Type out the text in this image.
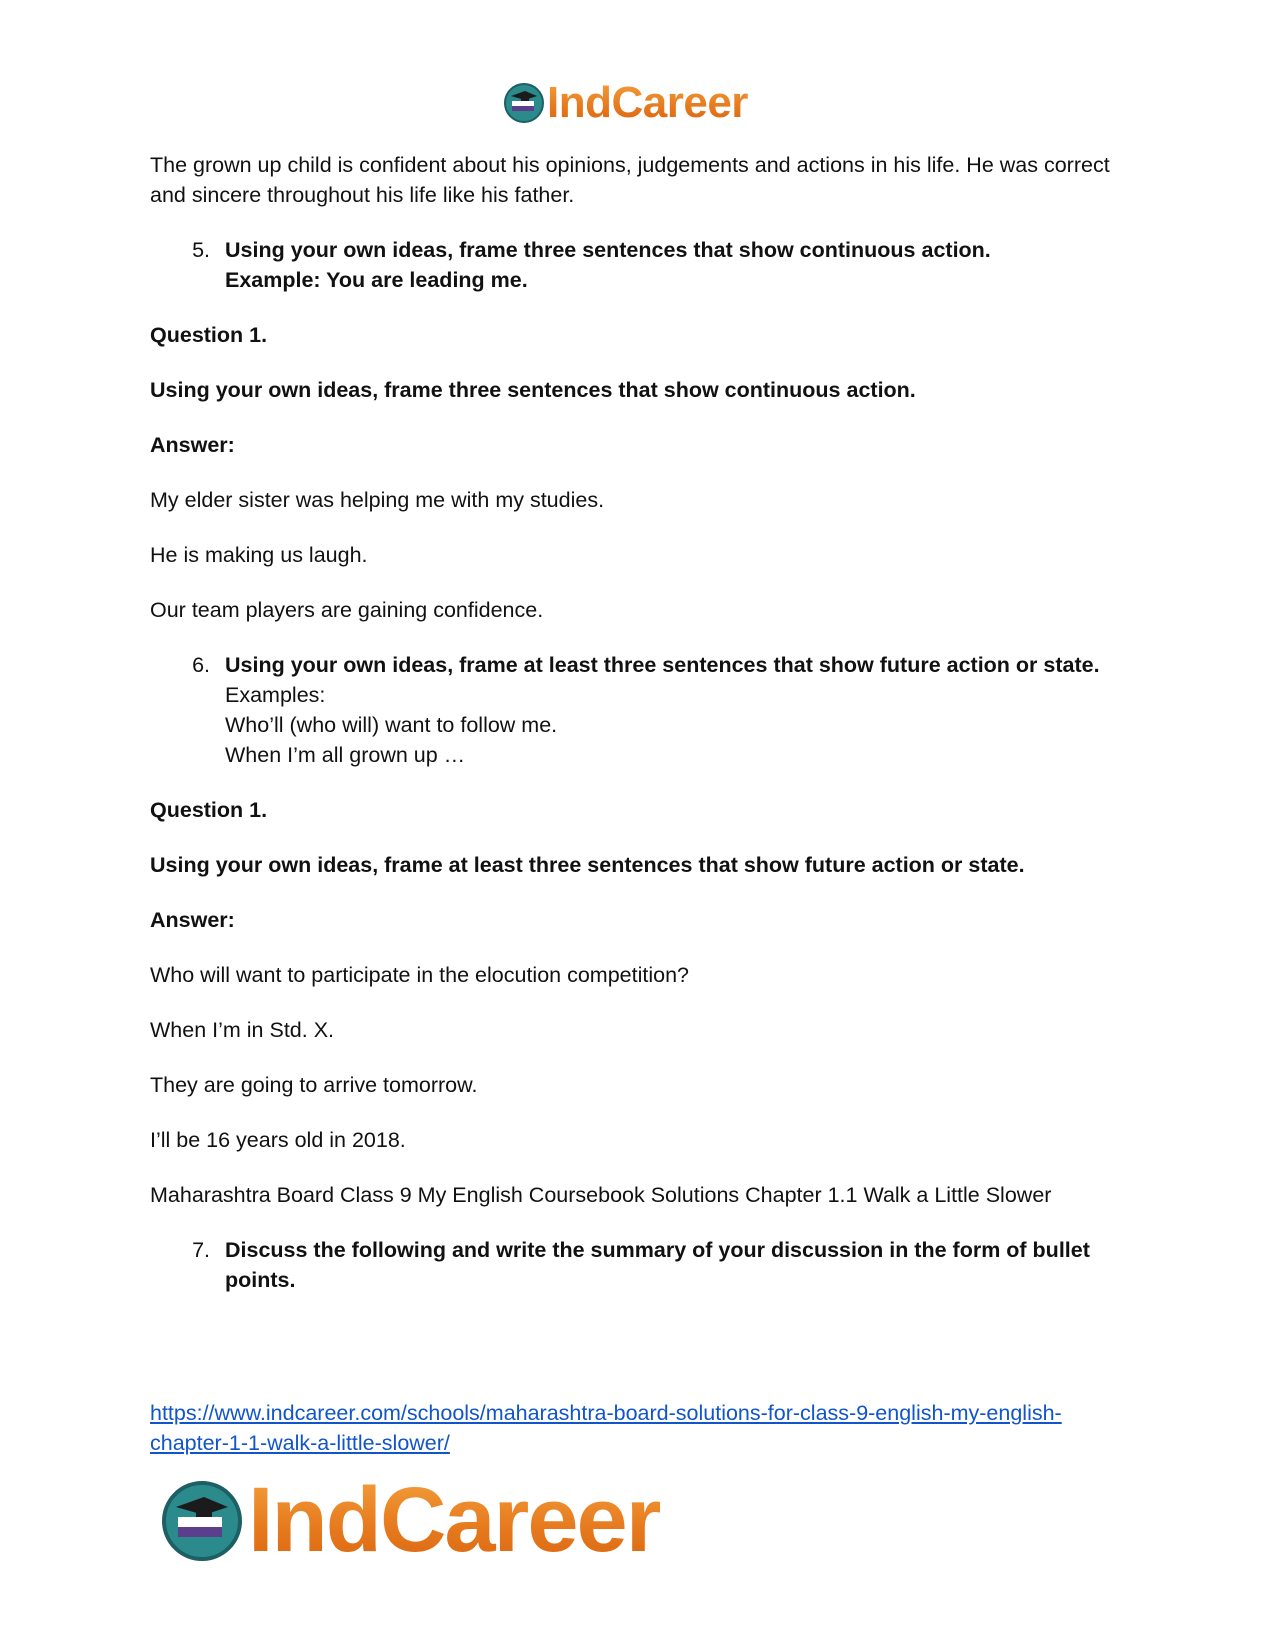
IndCareer

The grown up child is confident about his opinions, judgements and actions in his life. He was correct and sincere throughout his life like his father.

5. Using your own ideas, frame three sentences that show continuous action.
Example: You are leading me.

Question 1.

Using your own ideas, frame three sentences that show continuous action.

Answer:

My elder sister was helping me with my studies.

He is making us laugh.

Our team players are gaining confidence.

6. Using your own ideas, frame at least three sentences that show future action or state.
Examples:
Who’ll (who will) want to follow me.
When I’m all grown up …

Question 1.

Using your own ideas, frame at least three sentences that show future action or state.

Answer:

Who will want to participate in the elocution competition?

When I’m in Std. X.

They are going to arrive tomorrow.

I’ll be 16 years old in 2018.

Maharashtra Board Class 9 My English Coursebook Solutions Chapter 1.1 Walk a Little Slower

7. Discuss the following and write the summary of your discussion in the form of bullet points.
https://www.indcareer.com/schools/maharashtra-board-solutions-for-class-9-english-my-english-
chapter-1-1-walk-a-little-slower/
IndCareer
